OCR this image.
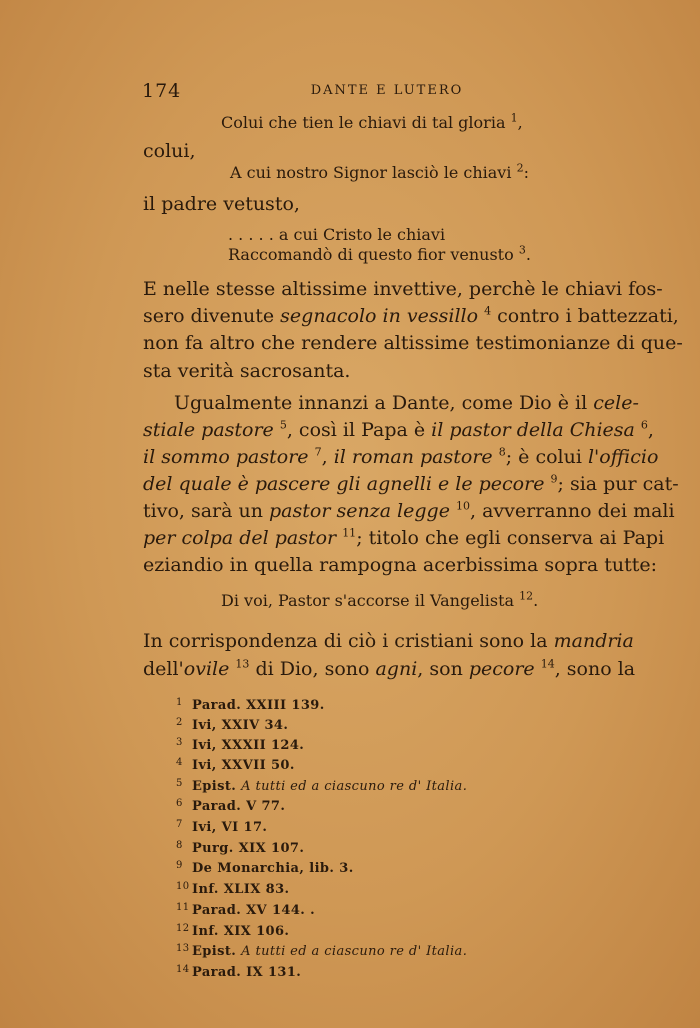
174	DANTE E LUTERO
Colui che tien le chiavi di tal gloria $^1$,
colui,
A cui nostro Signor lasciò le chiavi $^2$:
il padre vetusto,
. . . . . a cui Cristo le chiavi
Raccomandò di questo fior venusto $^3$.
E nelle stesse altissime invettive, perchè le chiavi fos-
sero divenute segnacolo in vessillo $^4$ contro i battezzati,
non fa altro che rendere altissime testimonianze di que-
sta verità sacrosanta.
Ugualmente innanzi a Dante, come Dio è il cele-
stiale pastore $^5$, così il Papa è il pastor della Chiesa $^6$,
il sommo pastore $^7$, il roman pastore $^8$; è colui l'officio
del quale è pascere gli agnelli e le pecore $^9$; sia pur cat-
tivo, sarà un pastor senza legge $^{10}$, avverranno dei mali
per colpa del pastor $^{11}$; titolo che egli conserva ai Papi
eziandio in quella rampogna acerbissima sopra tutte:
Di voi, Pastor s'accorse il Vangelista $^{12}$.
In corrispondenza di ciò i cristiani sono la mandria
dell'ovile $^{13}$ di Dio, sono agni, son pecore $^{14}$, sono la
1 Parad. XXIII 139.
2 Ivi, XXIV 34.
3 Ivi, XXXII 124.
4 Ivi, XXVII 50.
5 Epist. A tutti ed a ciascuno re d' Italia.
6 Parad. V 77.
7 Ivi, VI 17.
8 Purg. XIX 107.
9 De Monarchia, lib. 3.
10 Inf. XLIX 83.
11 Parad. XV 144. .
12 Inf. XIX 106.
13 Epist. A tutti ed a ciascuno re d' Italia.
14 Parad. IX 131.
